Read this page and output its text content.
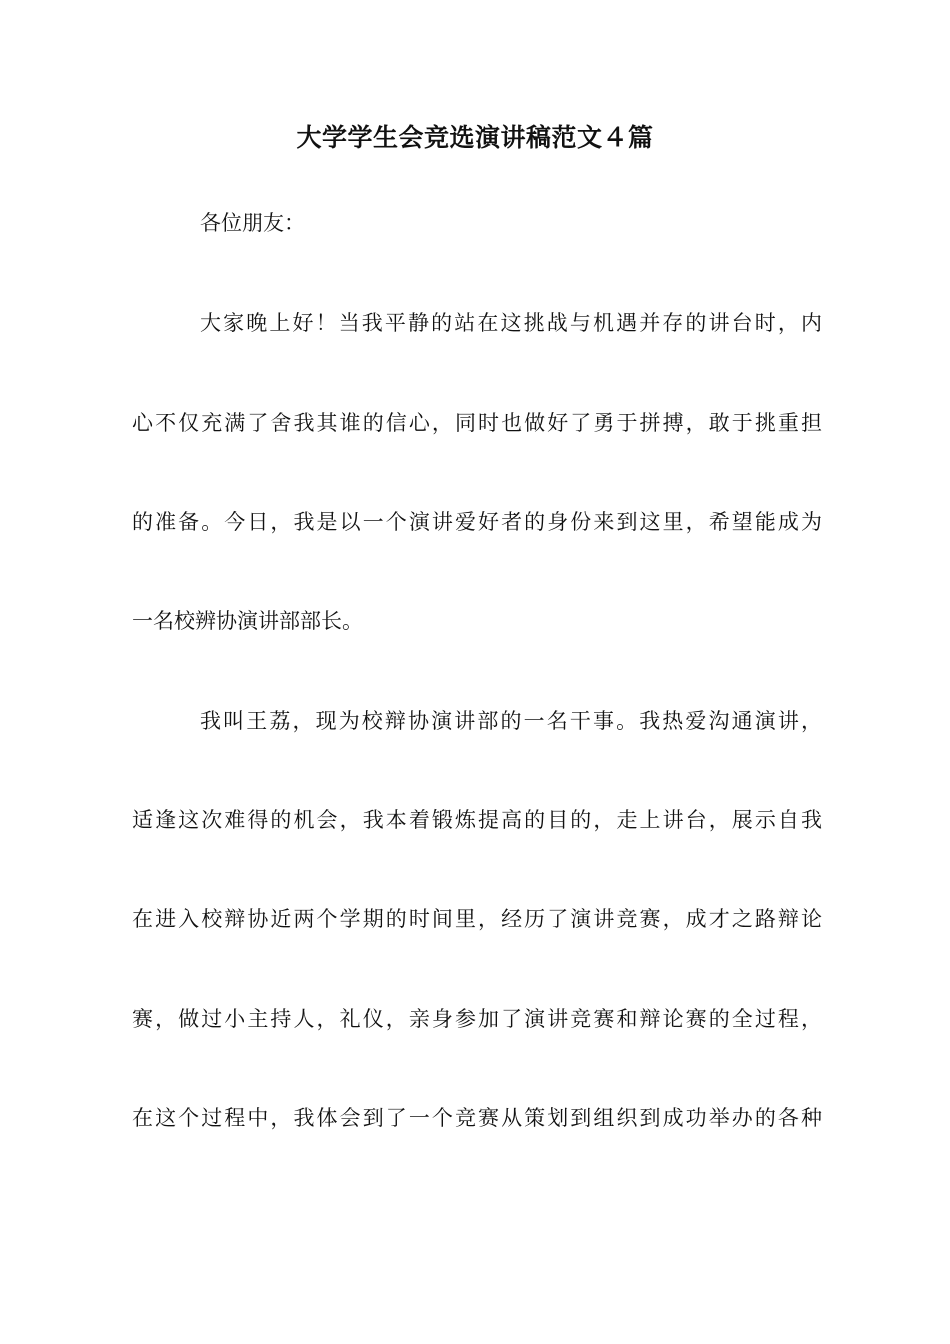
大学学生会竞选演讲稿范文４篇

各位朋友：

大家晚上好！当我平静的站在这挑战与机遇并存的讲台时，内

心不仅充满了舍我其谁的信心，同时也做好了勇于拼搏，敢于挑重担

的准备。今日，我是以一个演讲爱好者的身份来到这里，希望能成为

一名校辨协演讲部部长。

我叫王荔，现为校辩协演讲部的一名干事。我热爱沟通演讲，

适逢这次难得的机会，我本着锻炼提高的目的，走上讲台，展示自我

在进入校辩协近两个学期的时间里，经历了演讲竞赛，成才之路辩论

赛，做过小主持人，礼仪，亲身参加了演讲竞赛和辩论赛的全过程，

在这个过程中，我体会到了一个竞赛从策划到组织到成功举办的各种
